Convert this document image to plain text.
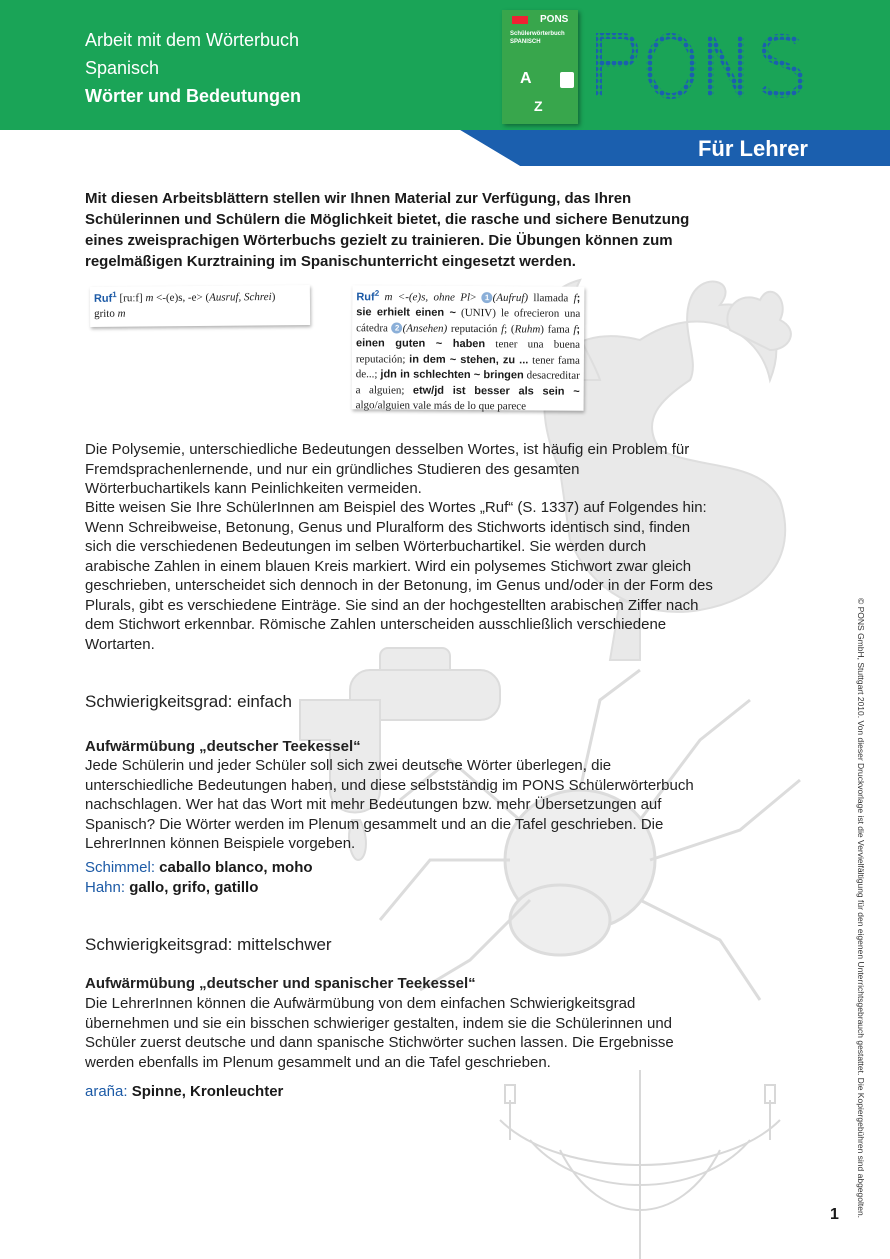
Arbeit mit dem Wörterbuch
Spanisch
Wörter und Bedeutungen
PONS
Schülerwörterbuch
SPANISCH
A
Z
Für Lehrer
Mit diesen Arbeitsblättern stellen wir Ihnen Material zur Verfügung, das Ihren Schülerinnen und Schülern die Möglichkeit bietet, die rasche und sichere Benutzung eines zweisprachigen Wörterbuchs gezielt zu trainieren. Die Übungen können zum regelmäßigen Kurztraining im Spanischunterricht eingesetzt werden.
Ruf$^1$ [ruːf] m <-(e)s, -e> (Ausruf, Schrei)
grito m
Ruf$^2$ m <-(e)s, ohne Pl> 1 (Aufruf) llamada f; sie erhielt einen ~ (UNIV) le ofrecieron una cátedra 2 (Ansehen) reputación f; (Ruhm) fama f; einen guten ~ haben tener una buena reputación; in dem ~ stehen, zu ... tener fama de...; jdn in schlechten ~ bringen desacreditar a alguien; etw/jd ist besser als sein ~ algo/alguien vale más de lo que parece
Die Polysemie, unterschiedliche Bedeutungen desselben Wortes, ist häufig ein Problem für Fremdsprachenlernende, und nur ein gründliches Studieren des gesamten Wörterbuchartikels kann Peinlichkeiten vermeiden.
Bitte weisen Sie Ihre SchülerInnen am Beispiel des Wortes „Ruf“ (S. 1337) auf Folgendes hin: Wenn Schreibweise, Betonung, Genus und Pluralform des Stichworts identisch sind, finden sich die verschiedenen Bedeutungen im selben Wörterbuchartikel. Sie werden durch arabische Zahlen in einem blauen Kreis markiert. Wird ein polysemes Stichwort zwar gleich geschrieben, unterscheidet sich dennoch in der Betonung, im Genus und/oder in der Form des Plurals, gibt es verschiedene Einträge. Sie sind an der hochgestellten arabischen Ziffer nach dem Stichwort erkennbar. Römische Zahlen unterscheiden ausschließlich verschiedene Wortarten.
Schwierigkeitsgrad: einfach
Aufwärmübung „deutscher Teekessel“
Jede Schülerin und jeder Schüler soll sich zwei deutsche Wörter überlegen, die unterschiedliche Bedeutungen haben, und diese selbstständig im PONS Schülerwörterbuch nachschlagen. Wer hat das Wort mit mehr Bedeutungen bzw. mehr Übersetzungen auf Spanisch? Die Wörter werden im Plenum gesammelt und an die Tafel geschrieben. Die LehrerInnen können Beispiele vorgeben.
Schimmel: caballo blanco, moho
Hahn: gallo, grifo, gatillo
Schwierigkeitsgrad: mittelschwer
Aufwärmübung „deutscher und spanischer Teekessel“
Die LehrerInnen können die Aufwärmübung von dem einfachen Schwierigkeitsgrad übernehmen und sie ein bisschen schwieriger gestalten, indem sie die Schülerinnen und Schüler zuerst deutsche und dann spanische Stichwörter suchen lassen. Die Ergebnisse werden ebenfalls im Plenum gesammelt und an die Tafel geschrieben.
araña: Spinne, Kronleuchter	© PONS GmbH, Stuttgart 2010. Von dieser Druckvorlage ist die Vervielfältigung für den eigenen Unterrichtsgebrauch gestattet. Die Kopiergebühren sind abgegolten.
1
